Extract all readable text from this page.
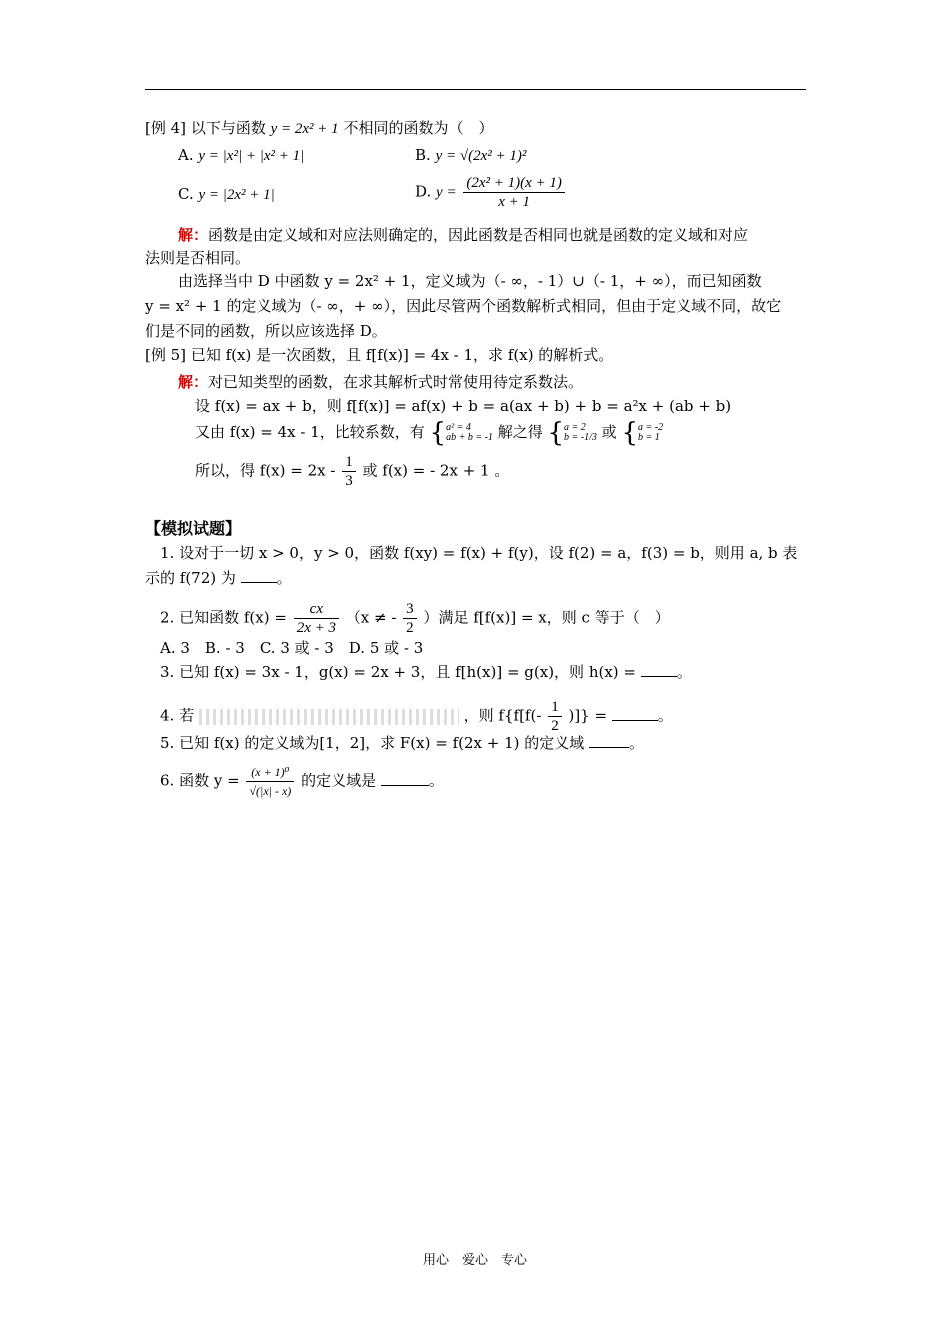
[例 4] 以下与函数 y = 2x² + 1 不相同的函数为（　）
A. y = |x²| + |x² + 1|	B. y = √(2x² + 1)²
C. y = |2x² + 1|	D. $y = \frac{\text{(2x² + 1)(x + 1)}}{x + 1}$
解：函数是由定义域和对应法则确定的，因此函数是否相同也就是函数的定义域和对应
法则是否相同。
由选择当中 D 中函数 y = 2x² + 1，定义域为（- ∞，- 1）∪（- 1，+ ∞），而已知函数
y = x² + 1 的定义域为（- ∞，+ ∞），因此尽管两个函数解析式相同，但由于定义域不同，故它
们是不同的函数，所以应该选择 D。
[例 5] 已知 f(x) 是一次函数，且 f[f(x)] = 4x - 1，求 f(x) 的解析式。
解：对已知类型的函数，在求其解析式时常使用待定系数法。
设 f(x) = ax + b，则 f[f(x)] = af(x) + b = a(ax + b) + b = a²x + (ab + b)
又由 f(x) = 4x - 1，比较系数，有 { a² = 4
ab + b = -1 解之得 { a = 2
b = -1/3 或 { a = -2
b = 1
所以，得 $f(x) = 2x - \frac{1}{3}$ 或 f(x) = - 2x + 1 。
【模拟试题】
1. 设对于一切 x > 0，y > 0，函数 f(xy) = f(x) + f(y)，设 f(2) = a，f(3) = b，则用 a, b 表
示的 f(72) 为	。
2. 已知函数 $f(x) = \frac{cx}{2x + 3} (x$ ≠ - $\frac{3}{2}$ ）满足 f[f(x)] = x，则 c 等于（　）
A. 3　B. - 3　C. 3 或 - 3　D. 5 或 - 3
3. 已知 f(x) = 3x - 1，g(x) = 2x + 3，且 f[h(x)] = g(x)，则 h(x) =	。
4. 若	，则 $f\{f[f(- \frac{1}{2}$ )]} =	。
5. 已知 f(x) 的定义域为[1，2]，求 F(x) = f(2x + 1) 的定义域	。
6. 函数 $y = \frac{\text{(x + 1)⁰}}{√(|x| - x)}$ 的定义域是	。
用心　爱心　专心
